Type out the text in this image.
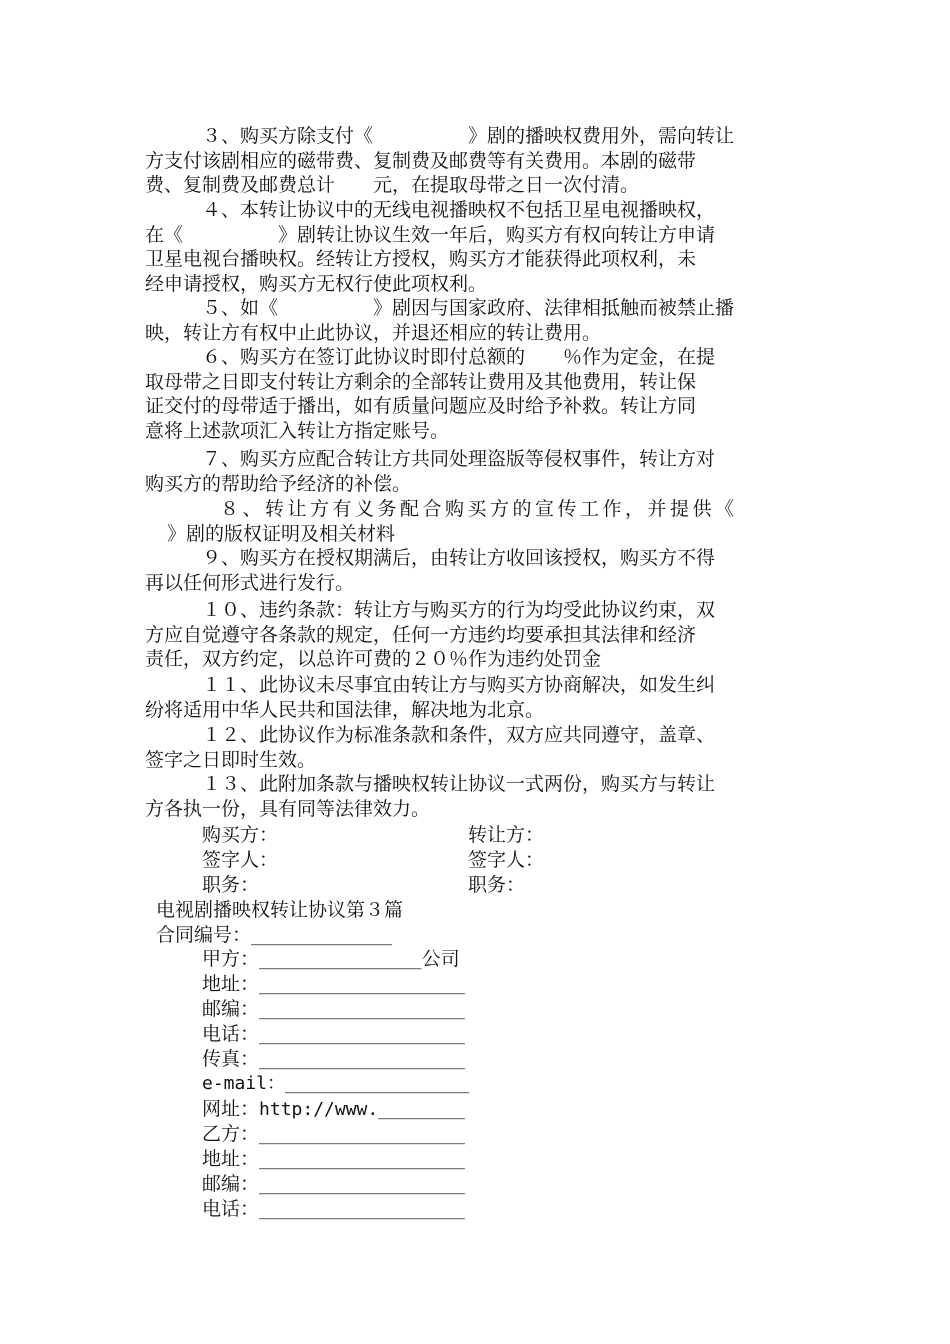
３、购买方除支付《　　　　　》剧的播映权费用外，需向转让
方支付该剧相应的磁带费、复制费及邮费等有关费用。本剧的磁带
费、复制费及邮费总计　　元，在提取母带之日一次付清。
４、本转让协议中的无线电视播映权不包括卫星电视播映权，
在《　　　　　》剧转让协议生效一年后，购买方有权向转让方申请
卫星电视台播映权。经转让方授权，购买方才能获得此项权利，未
经申请授权，购买方无权行使此项权利。
５、如《　　　　　》剧因与国家政府、法律相抵触而被禁止播
映，转让方有权中止此协议，并退还相应的转让费用。
６、购买方在签订此协议时即付总额的　　％作为定金，在提
取母带之日即支付转让方剩余的全部转让费用及其他费用，转让保
证交付的母带适于播出，如有质量问题应及时给予补救。转让方同
意将上述款项汇入转让方指定账号。
７、购买方应配合转让方共同处理盗版等侵权事件，转让方对
购买方的帮助给予经济的补偿。
８、转让方有义务配合购买方的宣传工作，并提供《
》剧的版权证明及相关材料
９、购买方在授权期满后，由转让方收回该授权，购买方不得
再以任何形式进行发行。
１０、违约条款：转让方与购买方的行为均受此协议约束，双
方应自觉遵守各条款的规定，任何一方违约均要承担其法律和经济
责任，双方约定，以总许可费的２０％作为违约处罚金
１１、此协议未尽事宜由转让方与购买方协商解决，如发生纠
纷将适用中华人民共和国法律，解决地为北京。
１２、此协议作为标准条款和条件，双方应共同遵守，盖章、
签字之日即时生效。
１３、此附加条款与播映权转让协议一式两份，购买方与转让
方各执一份，具有同等法律效力。
购买方：	转让方：
签字人：	签字人：
职务：	职务：
电视剧播映权转让协议第３篇
合同编号：_____________
甲方：_______________公司
地址：___________________
邮编：___________________
电话：___________________
传真：___________________
e-mail：_________________
网址：http://www.________
乙方：___________________
地址：___________________
邮编：___________________
电话：___________________
